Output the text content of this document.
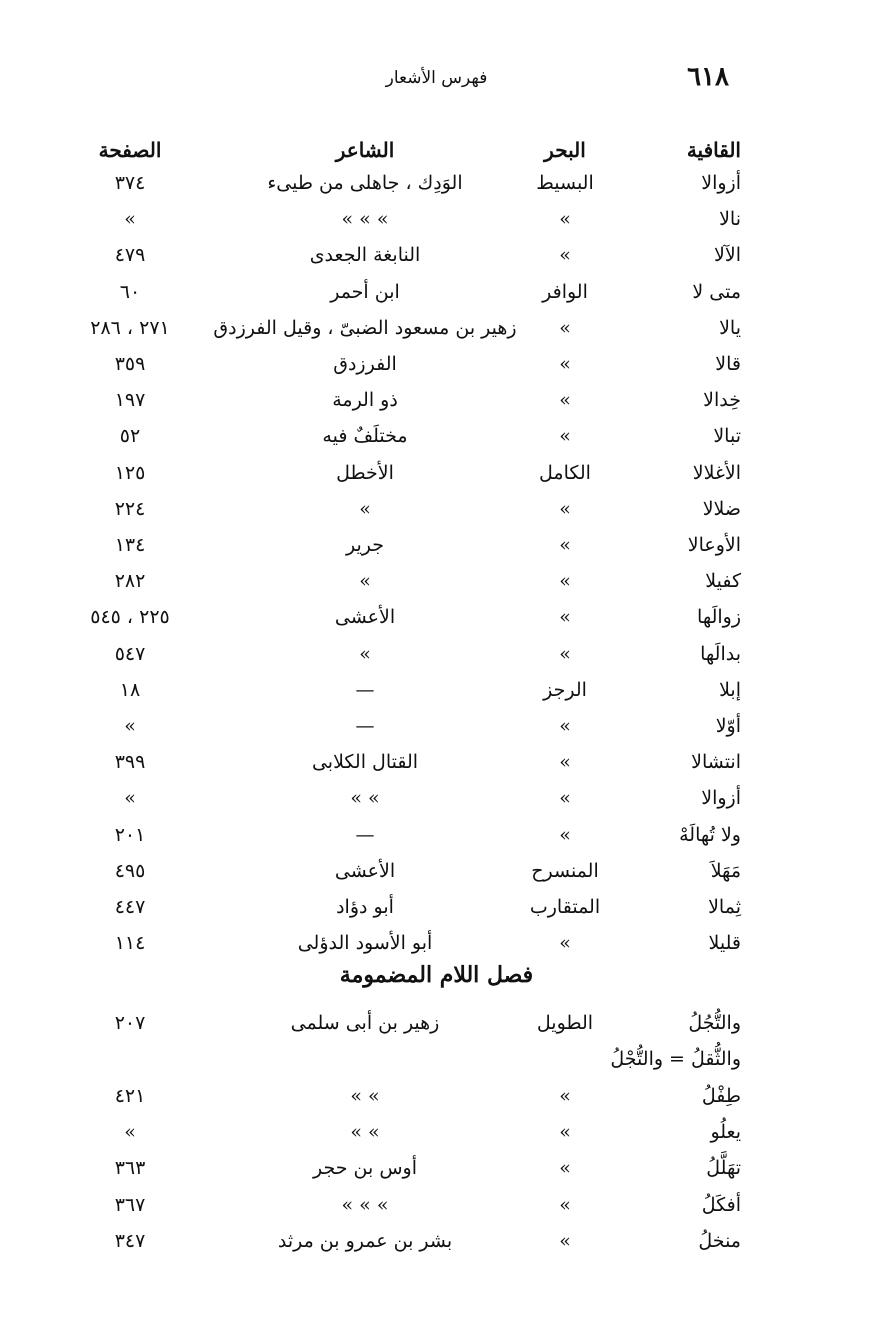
٦١٨
فهرس الأشعار
القافية
البحر
الشاعر
الصفحة
أزوالا
البسيط
الوَدِك ، جاهلى من طيىء
٣٧٤
نالا
»
» » »
»
الآلا
»
النابغة الجعدى
٤٧٩
متى لا
الوافر
ابن أحمر
٦٠
يالا
»
زهير بن مسعود الضبىّ ، وقيل الفرزدق
٢٧١ ، ٢٨٦
قالا
»
الفرزدق
٣٥٩
خِدالا
»
ذو الرمة
١٩٧
تبالا
»
مختلَفٌ فيه
٥٢
الأغلالا
الكامل
الأخطل
١٢٥
ضلالا
»
»
٢٢٤
الأوعالا
»
جرير
١٣٤
كفيلا
»
»
٢٨٢
زوالَها
»
الأعشى
٢٢٥ ، ٥٤٥
بدالَها
»
»
٥٤٧
إبلا
الرجز
—
١٨
أوّلا
»
—
»
انتشالا
»
القتال الكلابى
٣٩٩
أزوالا
»
» »
»
ولا تُهالَهْ
»
—
٢٠١
مَهَلاَ
المنسرح
الأعشى
٤٩٥
ثِمالا
المتقارب
أبو دؤاد
٤٤٧
قليلا
»
أبو الأسود الدؤلى
١١٤
فصل اللام المضمومة
والتُّجُلُ
الطويل
زهير بن أبى سلمى
٢٠٧
والثُّقلُ = والتُّجْلُ
طِفْلُ
»
» »
٤٢١
يعلُو
»
» »
»
تهَلَّلُ
»
أوس بن حجر
٣٦٣
أفكَلُ
»
» » »
٣٦٧
منخلُ
»
بشر بن عمرو بن مرثد
٣٤٧
